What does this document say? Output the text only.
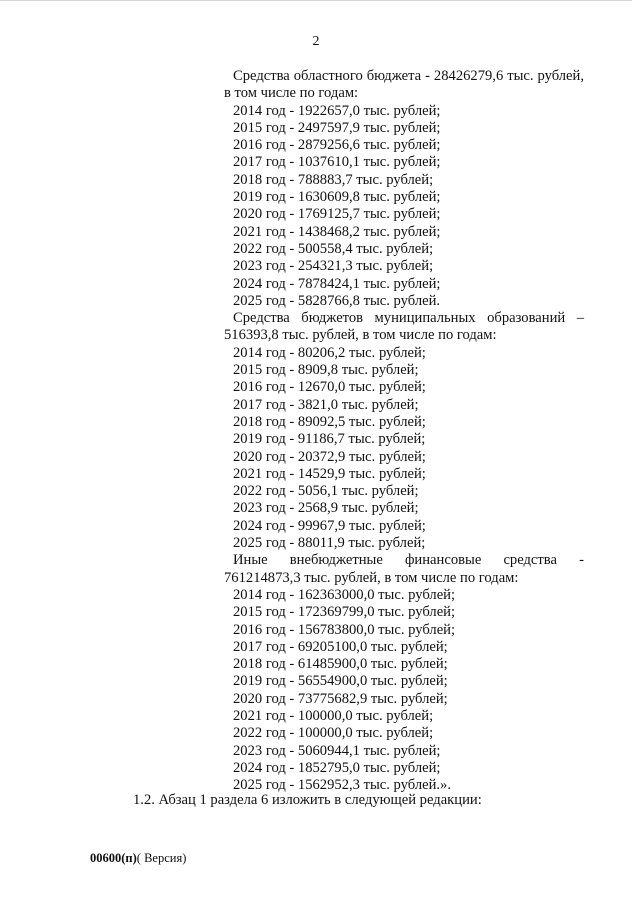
2

Средства областного бюджета - 28426279,6 тыс. рублей, в том числе по годам:

2014 год - 1922657,0 тыс. рублей;
2015 год - 2497597,9 тыс. рублей;
2016 год - 2879256,6 тыс. рублей;
2017 год - 1037610,1 тыс. рублей;
2018 год - 788883,7 тыс. рублей;
2019 год - 1630609,8 тыс. рублей;
2020 год - 1769125,7 тыс. рублей;
2021 год - 1438468,2 тыс. рублей;
2022 год - 500558,4 тыс. рублей;
2023 год - 254321,3 тыс. рублей;
2024 год - 7878424,1 тыс. рублей;
2025 год - 5828766,8 тыс. рублей.

Средства бюджетов муниципальных образований – 516393,8 тыс. рублей, в том числе по годам:

2014 год - 80206,2 тыс. рублей;
2015 год - 8909,8 тыс. рублей;
2016 год - 12670,0 тыс. рублей;
2017 год - 3821,0 тыс. рублей;
2018 год - 89092,5 тыс. рублей;
2019 год - 91186,7 тыс. рублей;
2020 год - 20372,9 тыс. рублей;
2021 год - 14529,9 тыс. рублей;
2022 год - 5056,1 тыс. рублей;
2023 год - 2568,9 тыс. рублей;
2024 год - 99967,9 тыс. рублей;
2025 год - 88011,9 тыс. рублей;

Иные внебюджетные финансовые средства - 761214873,3 тыс. рублей, в том числе по годам:

2014 год - 162363000,0 тыс. рублей;
2015 год - 172369799,0 тыс. рублей;
2016 год - 156783800,0 тыс. рублей;
2017 год - 69205100,0 тыс. рублей;
2018 год - 61485900,0 тыс. рублей;
2019 год - 56554900,0 тыс. рублей;
2020 год - 73775682,9 тыс. рублей;
2021 год - 100000,0 тыс. рублей;
2022 год - 100000,0 тыс. рублей;
2023 год - 5060944,1 тыс. рублей;
2024 год - 1852795,0 тыс. рублей;
2025 год - 1562952,3 тыс. рублей.».
1.2. Абзац 1 раздела 6 изложить в следующей редакции:
00600(п)( Версия)
